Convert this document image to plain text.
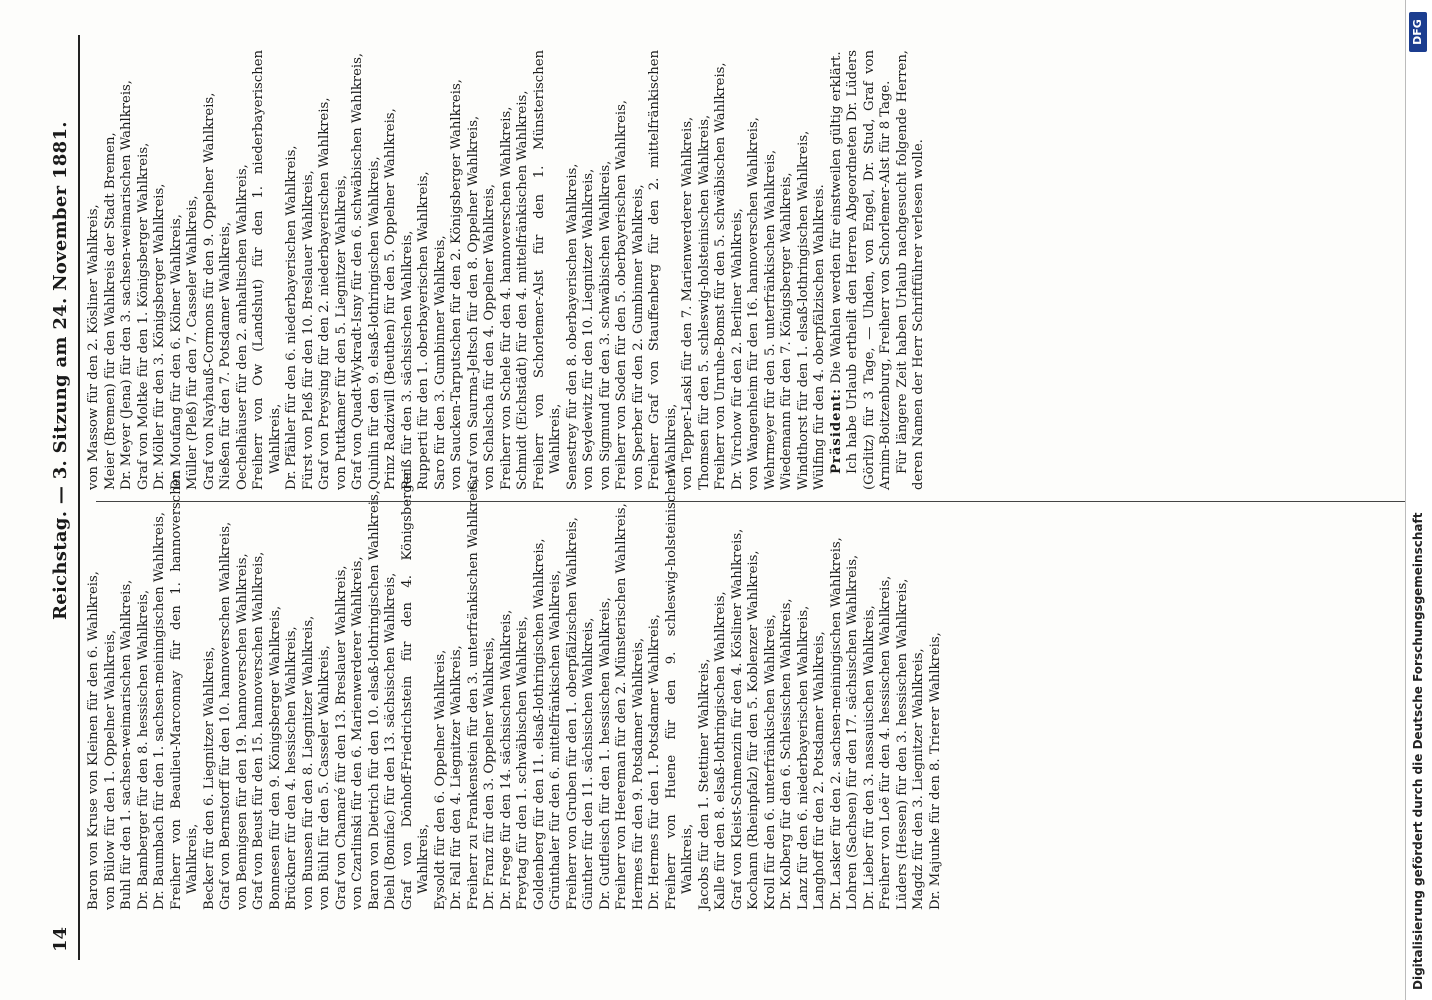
14
Reichstag. — 3. Sitzung am 24. November 1881.

Baron von Kruse von Kleinen für den 6. Wahlkreis, von Bülow für den 1. Oppelner Wahlkreis, Buhl für den 1. sachsen-weimarischen Wahlkreis, Dr. Bamberger für den 8. hessischen Wahlkreis, Dr. Baumbach für den 1. sachsen-meiningischen Wahlkreis, Freiherr von Beaulieu-Marconnay für den 1. hannoverschen Wahlkreis, Becker für den 6. Liegnitzer Wahlkreis, Graf von Bernstorff für den 10. hannoverschen Wahlkreis, von Bennigsen für den 19. hannoverschen Wahlkreis, Graf von Beust für den 15. hannoverschen Wahlkreis, Bonnesen für den 9. Königsberger Wahlkreis, Brückner für den 4. hessischen Wahlkreis, von Bunsen für den 8. Liegnitzer Wahlkreis, von Bühl für den 5. Casseler Wahlkreis, Graf von Chamaré für den 13. Breslauer Wahlkreis, von Czarlinski für den 6. Marienwerderer Wahlkreis, Baron von Dietrich für den 10. elsaß-lothringischen Wahlkreis, Diehl (Bonifac) für den 13. sächsischen Wahlkreis, Graf von Dönhoff-Friedrichstein für den 4. Königsberger Wahlkreis, Eysoldt für den 6. Oppelner Wahlkreis, Dr. Fall für den 4. Liegnitzer Wahlkreis, Freiherr zu Frankenstein für den 3. unterfränkischen Wahlkreis, Dr. Franz für den 3. Oppelner Wahlkreis, Dr. Frege für den 14. sächsischen Wahlkreis, Freytag für den 1. schwäbischen Wahlkreis, Goldenberg für den 11. elsaß-lothringischen Wahlkreis, Grünthaler für den 6. mittelfränkischen Wahlkreis, Freiherr von Gruben für den 1. oberpfälzischen Wahlkreis, Günther für den 11. sächsischen Wahlkreis, Dr. Gutfleisch für den 1. hessischen Wahlkreis, Freiherr von Heereman für den 2. Münsterischen Wahlkreis, Hermes für den 9. Potsdamer Wahlkreis, Dr. Hermes für den 1. Potsdamer Wahlkreis, Freiherr von Huene für den 9. schleswig-holsteinischen Wahlkreis, Jacobs für den 1. Stettiner Wahlkreis, Kalle für den 8. elsaß-lothringischen Wahlkreis, Graf von Kleist-Schmenzin für den 4. Kösliner Wahlkreis, Kochann (Rheinpfalz) für den 5. Koblenzer Wahlkreis, Kroll für den 6. unterfränkischen Wahlkreis, Dr. Kolberg für den 6. Schlesischen Wahlkreis, Lanz für den 6. niederbayerischen Wahlkreis, Langhoff für den 2. Potsdamer Wahlkreis, Dr. Lasker für den 2. sachsen-meiningischen Wahlkreis, Lohren (Sachsen) für den 17. sächsischen Wahlkreis, Dr. Lieber für den 3. nassauischen Wahlkreis, Freiherr von Loë für den 4. hessischen Wahlkreis, Lüders (Hessen) für den 3. hessischen Wahlkreis, Magdz für den 3. Liegnitzer Wahlkreis, Dr. Majunke für den 8. Trierer Wahlkreis,

von Massow für den 2. Kösliner Wahlkreis, Meier (Bremen) für den Wahlkreis der Stadt Bremen, Dr. Meyer (Jena) für den 3. sachsen-weimarischen Wahlkreis, Graf von Moltke für den 1. Königsberger Wahlkreis, Dr. Möller für den 3. Königsberger Wahlkreis, Dr. Moufang für den 6. Kölner Wahlkreis, Müller (Pleß) für den 7. Casseler Wahlkreis, Graf von Nayhauß-Cormons für den 9. Oppelner Wahlkreis, Nießen für den 7. Potsdamer Wahlkreis, Oechelhäuser für den 2. anhaltischen Wahlkreis, Freiherr von Ow (Landshut) für den 1. niederbayerischen Wahlkreis, Dr. Pfähler für den 6. niederbayerischen Wahlkreis, Fürst von Pleß für den 10. Breslauer Wahlkreis, Graf von Preysing für den 2. niederbayerischen Wahlkreis, von Puttkamer für den 5. Liegnitzer Wahlkreis, Graf von Quadt-Wykradt-Isny für den 6. schwäbischen Wahlkreis, Quinlin für den 9. elsaß-lothringischen Wahlkreis, Prinz Radziwill (Beuthen) für den 5. Oppelner Wahlkreis, Reiß für den 3. sächsischen Wahlkreis, Rupperti für den 1. oberbayerischen Wahlkreis, Saro für den 3. Gumbinner Wahlkreis, von Saucken-Tarputschen für den 2. Königsberger Wahlkreis, Graf von Saurma-Jeltsch für den 8. Oppelner Wahlkreis, von Schalscha für den 4. Oppelner Wahlkreis, Freiherr von Schele für den 4. hannoverschen Wahlkreis, Schmidt (Eichstädt) für den 4. mittelfränkischen Wahlkreis, Freiherr von Schorlemer-Alst für den 1. Münsterischen Wahlkreis, Senestrey für den 8. oberbayerischen Wahlkreis, von Seydewitz für den 10. Liegnitzer Wahlkreis, von Sigmund für den 3. schwäbischen Wahlkreis, Freiherr von Soden für den 5. oberbayerischen Wahlkreis, von Sperber für den 2. Gumbinner Wahlkreis, Freiherr Graf von Stauffenberg für den 2. mittelfränkischen Wahlkreis, von Tepper-Laski für den 7. Marienwerderer Wahlkreis, Thomsen für den 5. schleswig-holsteinischen Wahlkreis, Freiherr von Unruhe-Bomst für den 5. schwäbischen Wahlkreis, Dr. Virchow für den 2. Berliner Wahlkreis, von Wangenheim für den 16. hannoverschen Wahlkreis, Wehrmeyer für den 5. unterfränkischen Wahlkreis, Wiedemann für den 7. Königsberger Wahlkreis, Windthorst für den 1. elsaß-lothringischen Wahlkreis, Wülfing für den 4. oberpfälzischen Wahlkreis. Präsident: Die Wahlen werden für einstweilen gültig erklärt. Ich habe Urlaub ertheilt den Herren Abgeordneten Dr. Lüders (Görlitz) für 3 Tage, — Uhden, von Engel, Dr. Stud, Graf von Arnim-Boitzenburg, Freiherr von Schorlemer-Alst für 8 Tage. Für längere Zeit haben Urlaub nachgesucht folgende Herren, deren Namen der Herr Schriftführer verlesen wolle.

Digitalisierung gefördert durch die Deutsche Forschungsgemeinschaft
DFG
